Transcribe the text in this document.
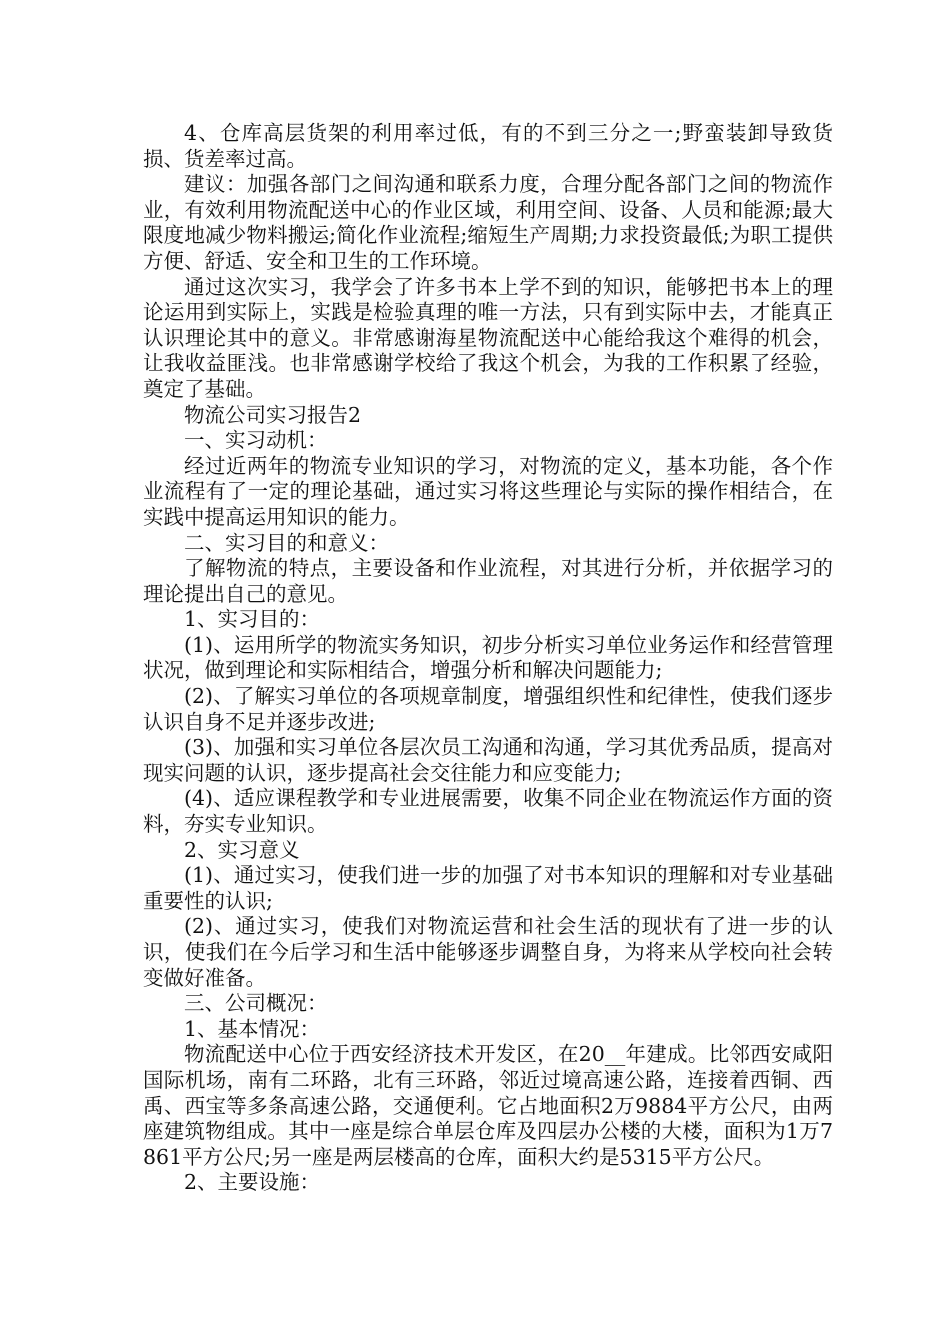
4、仓库高层货架的利用率过低，有的不到三分之一;野蛮装卸导致货损、货差率过高。

建议：加强各部门之间沟通和联系力度，合理分配各部门之间的物流作业，有效利用物流配送中心的作业区域，利用空间、设备、人员和能源;最大限度地减少物料搬运;简化作业流程;缩短生产周期;力求投资最低;为职工提供方便、舒适、安全和卫生的工作环境。

通过这次实习，我学会了许多书本上学不到的知识，能够把书本上的理论运用到实际上，实践是检验真理的唯一方法，只有到实际中去，才能真正认识理论其中的意义。非常感谢海星物流配送中心能给我这个难得的机会，让我收益匪浅。也非常感谢学校给了我这个机会，为我的工作积累了经验，奠定了基础。

物流公司实习报告2

一、实习动机：

经过近两年的物流专业知识的学习，对物流的定义，基本功能，各个作业流程有了一定的理论基础，通过实习将这些理论与实际的操作相结合，在实践中提高运用知识的能力。

二、实习目的和意义：

了解物流的特点，主要设备和作业流程，对其进行分析，并依据学习的理论提出自己的意见。

1、实习目的：

(1)、运用所学的物流实务知识，初步分析实习单位业务运作和经营管理状况，做到理论和实际相结合，增强分析和解决问题能力;

(2)、了解实习单位的各项规章制度，增强组织性和纪律性，使我们逐步认识自身不足并逐步改进;

(3)、加强和实习单位各层次员工沟通和沟通，学习其优秀品质，提高对现实问题的认识，逐步提高社会交往能力和应变能力;

(4)、适应课程教学和专业进展需要，收集不同企业在物流运作方面的资料，夯实专业知识。

2、实习意义

(1)、通过实习，使我们进一步的加强了对书本知识的理解和对专业基础重要性的认识;

(2)、通过实习，使我们对物流运营和社会生活的现状有了进一步的认识，使我们在今后学习和生活中能够逐步调整自身，为将来从学校向社会转变做好准备。

三、公司概况：

1、基本情况：

物流配送中心位于西安经济技术开发区，在20__年建成。比邻西安咸阳国际机场，南有二环路，北有三环路，邻近过境高速公路，连接着西铜、西禹、西宝等多条高速公路，交通便利。它占地面积2万9884平方公尺，由两座建筑物组成。其中一座是综合单层仓库及四层办公楼的大楼，面积为1万7861平方公尺;另一座是两层楼高的仓库，面积大约是5315平方公尺。

2、主要设施：
